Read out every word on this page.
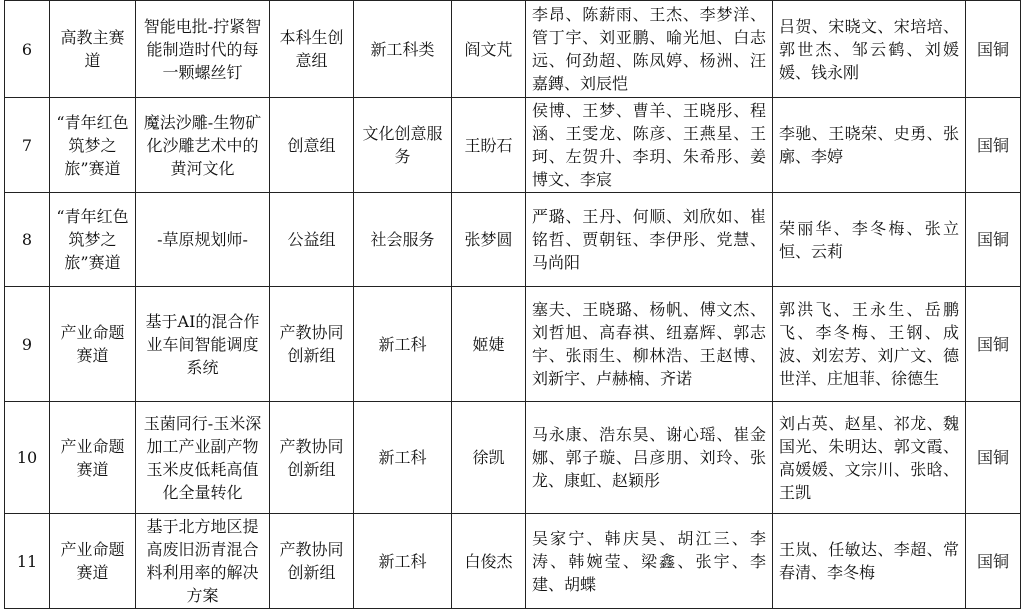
6	高教主赛道	智能电批-拧紧智能制造时代的每一颗螺丝钉	本科生创意组	新工科类	阎文芃	李昂、陈薪雨、王杰、李梦洋、管丁宇、刘亚鹏、喻光旭、白志远、何劲超、陈凤婷、杨洲、汪嘉鏄、刘辰恺	吕贺、宋晓文、宋培培、郭世杰、邹云鹤、刘媛媛、钱永刚	国铜
7	“青年红色筑梦之旅”赛道	魔法沙雕-生物矿化沙雕艺术中的黄河文化	创意组	文化创意服务	王盼石	侯博、王梦、曹羊、王晓彤、程涵、王雯龙、陈彦、王燕星、王珂、左贺升、李玥、朱希彤、姜博文、李宸	李驰、王晓荣、史勇、张廓、李婷	国铜
8	“青年红色筑梦之旅”赛道	-草原规划师-	公益组	社会服务	张梦圆	严璐、王丹、何顺、刘欣如、崔铭哲、贾朝钰、李伊彤、党慧、马尚阳	荣丽华、李冬梅、张立恒、云莉	国铜
9	产业命题赛道	基于AI的混合作业车间智能调度系统	产教协同创新组	新工科	姬婕	塞夫、王晓璐、杨帆、傅文杰、刘哲旭、高春祺、纽嘉辉、郭志宇、张雨生、柳林浩、王赵博、刘新宇、卢赫楠、齐诺	郭洪飞、王永生、岳鹏飞、李冬梅、王钢、成波、刘宏芳、刘广文、德世洋、庄旭菲、徐德生	国铜
10	产业命题赛道	玉菌同行-玉米深加工产业副产物玉米皮低耗高值化全量转化	产教协同创新组	新工科	徐凯	马永康、浩东昊、谢心瑶、崔金娜、郭子璇、吕彦朋、刘玲、张龙、康虹、赵颖彤	刘占英、赵星、祁龙、魏国光、朱明达、郭文霞、高媛媛、文宗川、张晗、王凯	国铜
11	产业命题赛道	基于北方地区提高废旧沥青混合料利用率的解决方案	产教协同创新组	新工科	白俊杰	吴家宁、韩庆昊、胡江三、李涛、韩婉莹、梁鑫、张宇、李建、胡蝶	王岚、任敏达、李超、常春清、李冬梅	国铜
